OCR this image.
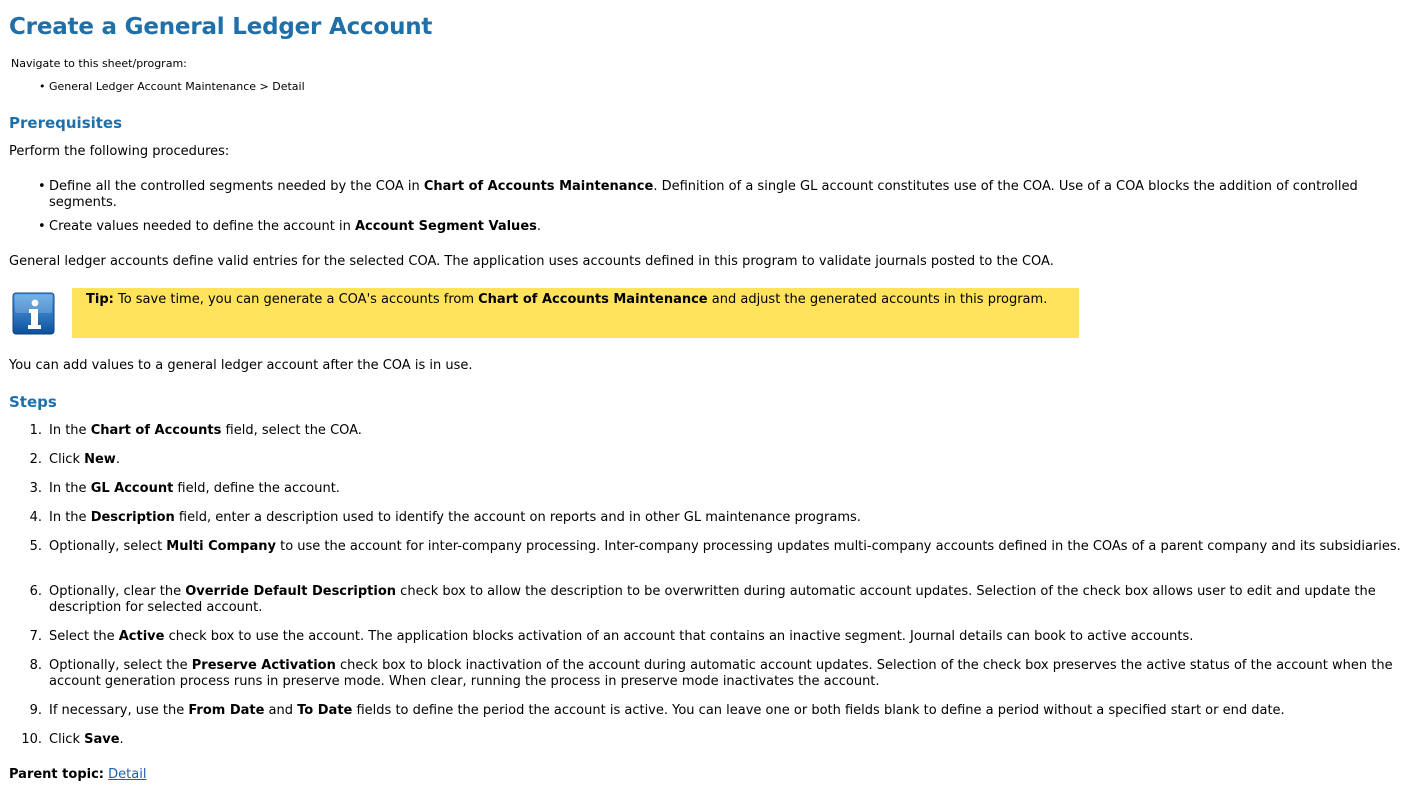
Create a General Ledger Account
Navigate to this sheet/program:
• General Ledger Account Maintenance > Detail
Prerequisites
Perform the following procedures:
• Define all the controlled segments needed by the COA in Chart of Accounts Maintenance. Definition of a single GL account constitutes use of the COA. Use of a COA blocks the addition of controlled segments.
• Create values needed to define the account in Account Segment Values.
General ledger accounts define valid entries for the selected COA. The application uses accounts defined in this program to validate journals posted to the COA.
Tip: To save time, you can generate a COA's accounts from Chart of Accounts Maintenance and adjust the generated accounts in this program.
You can add values to a general ledger account after the COA is in use.
Steps
1. In the Chart of Accounts field, select the COA.
2. Click New.
3. In the GL Account field, define the account.
4. In the Description field, enter a description used to identify the account on reports and in other GL maintenance programs.
5. Optionally, select Multi Company to use the account for inter-company processing. Inter-company processing updates multi-company accounts defined in the COAs of a parent company and its subsidiaries.
6. Optionally, clear the Override Default Description check box to allow the description to be overwritten during automatic account updates. Selection of the check box allows user to edit and update the description for selected account.
7. Select the Active check box to use the account. The application blocks activation of an account that contains an inactive segment. Journal details can book to active accounts.
8. Optionally, select the Preserve Activation check box to block inactivation of the account during automatic account updates. Selection of the check box preserves the active status of the account when the account generation process runs in preserve mode. When clear, running the process in preserve mode inactivates the account.
9. If necessary, use the From Date and To Date fields to define the period the account is active. You can leave one or both fields blank to define a period without a specified start or end date.
10. Click Save.
Parent topic: Detail
